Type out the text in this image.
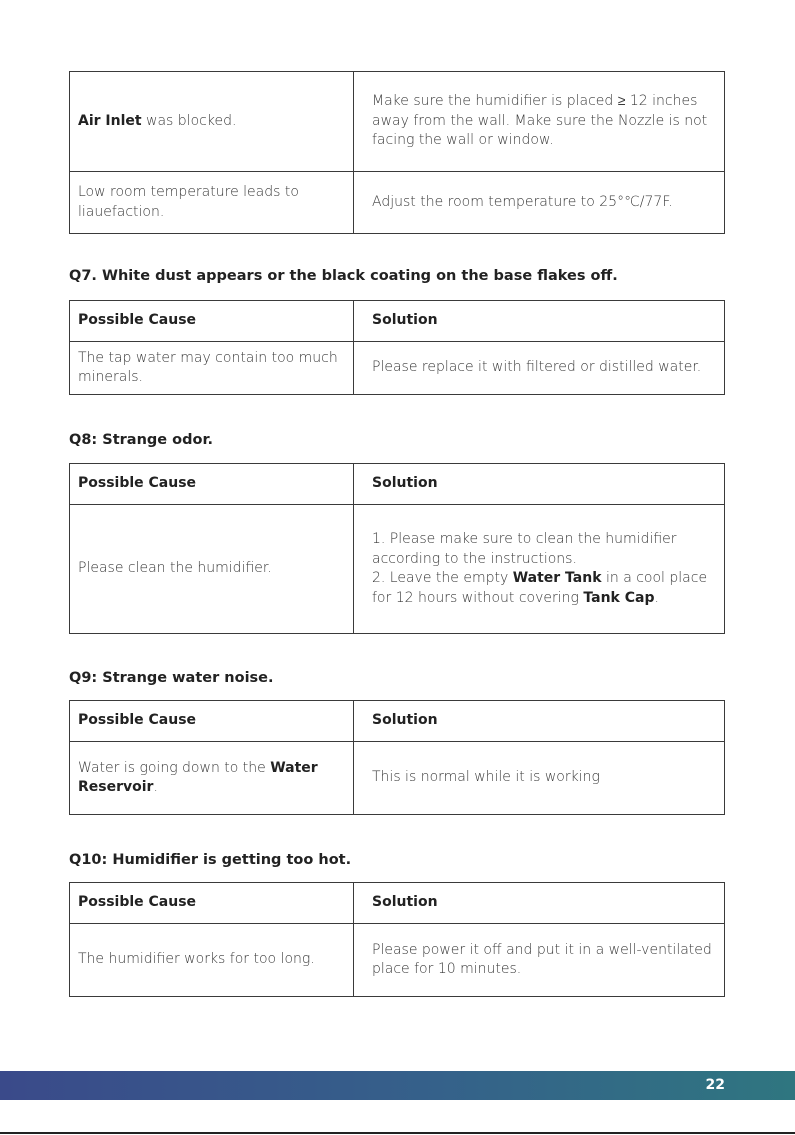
Air Inlet was blocked.	Make sure the humidifier is placed ≥ 12 inches away from the wall. Make sure the Nozzle is not facing the wall or window.
Low room temperature leads to liauefaction.	Adjust the room temperature to 25°℃/77F.

Q7. White dust appears or the black coating on the base flakes off.

Possible Cause	Solution
The tap water may contain too much minerals.	Please replace it with filtered or distilled water.

Q8: Strange odor.

Possible Cause	Solution
Please clean the humidifier.	1. Please make sure to clean the humidifier according to the instructions.
2. Leave the empty Water Tank in a cool place for 12 hours without covering Tank Cap.

Q9: Strange water noise.

Possible Cause	Solution
Water is going down to the Water Reservoir.	This is normal while it is working

Q10: Humidifier is getting too hot.

Possible Cause	Solution
The humidifier works for too long.	Please power it off and put it in a well-ventilated place for 10 minutes.
22
